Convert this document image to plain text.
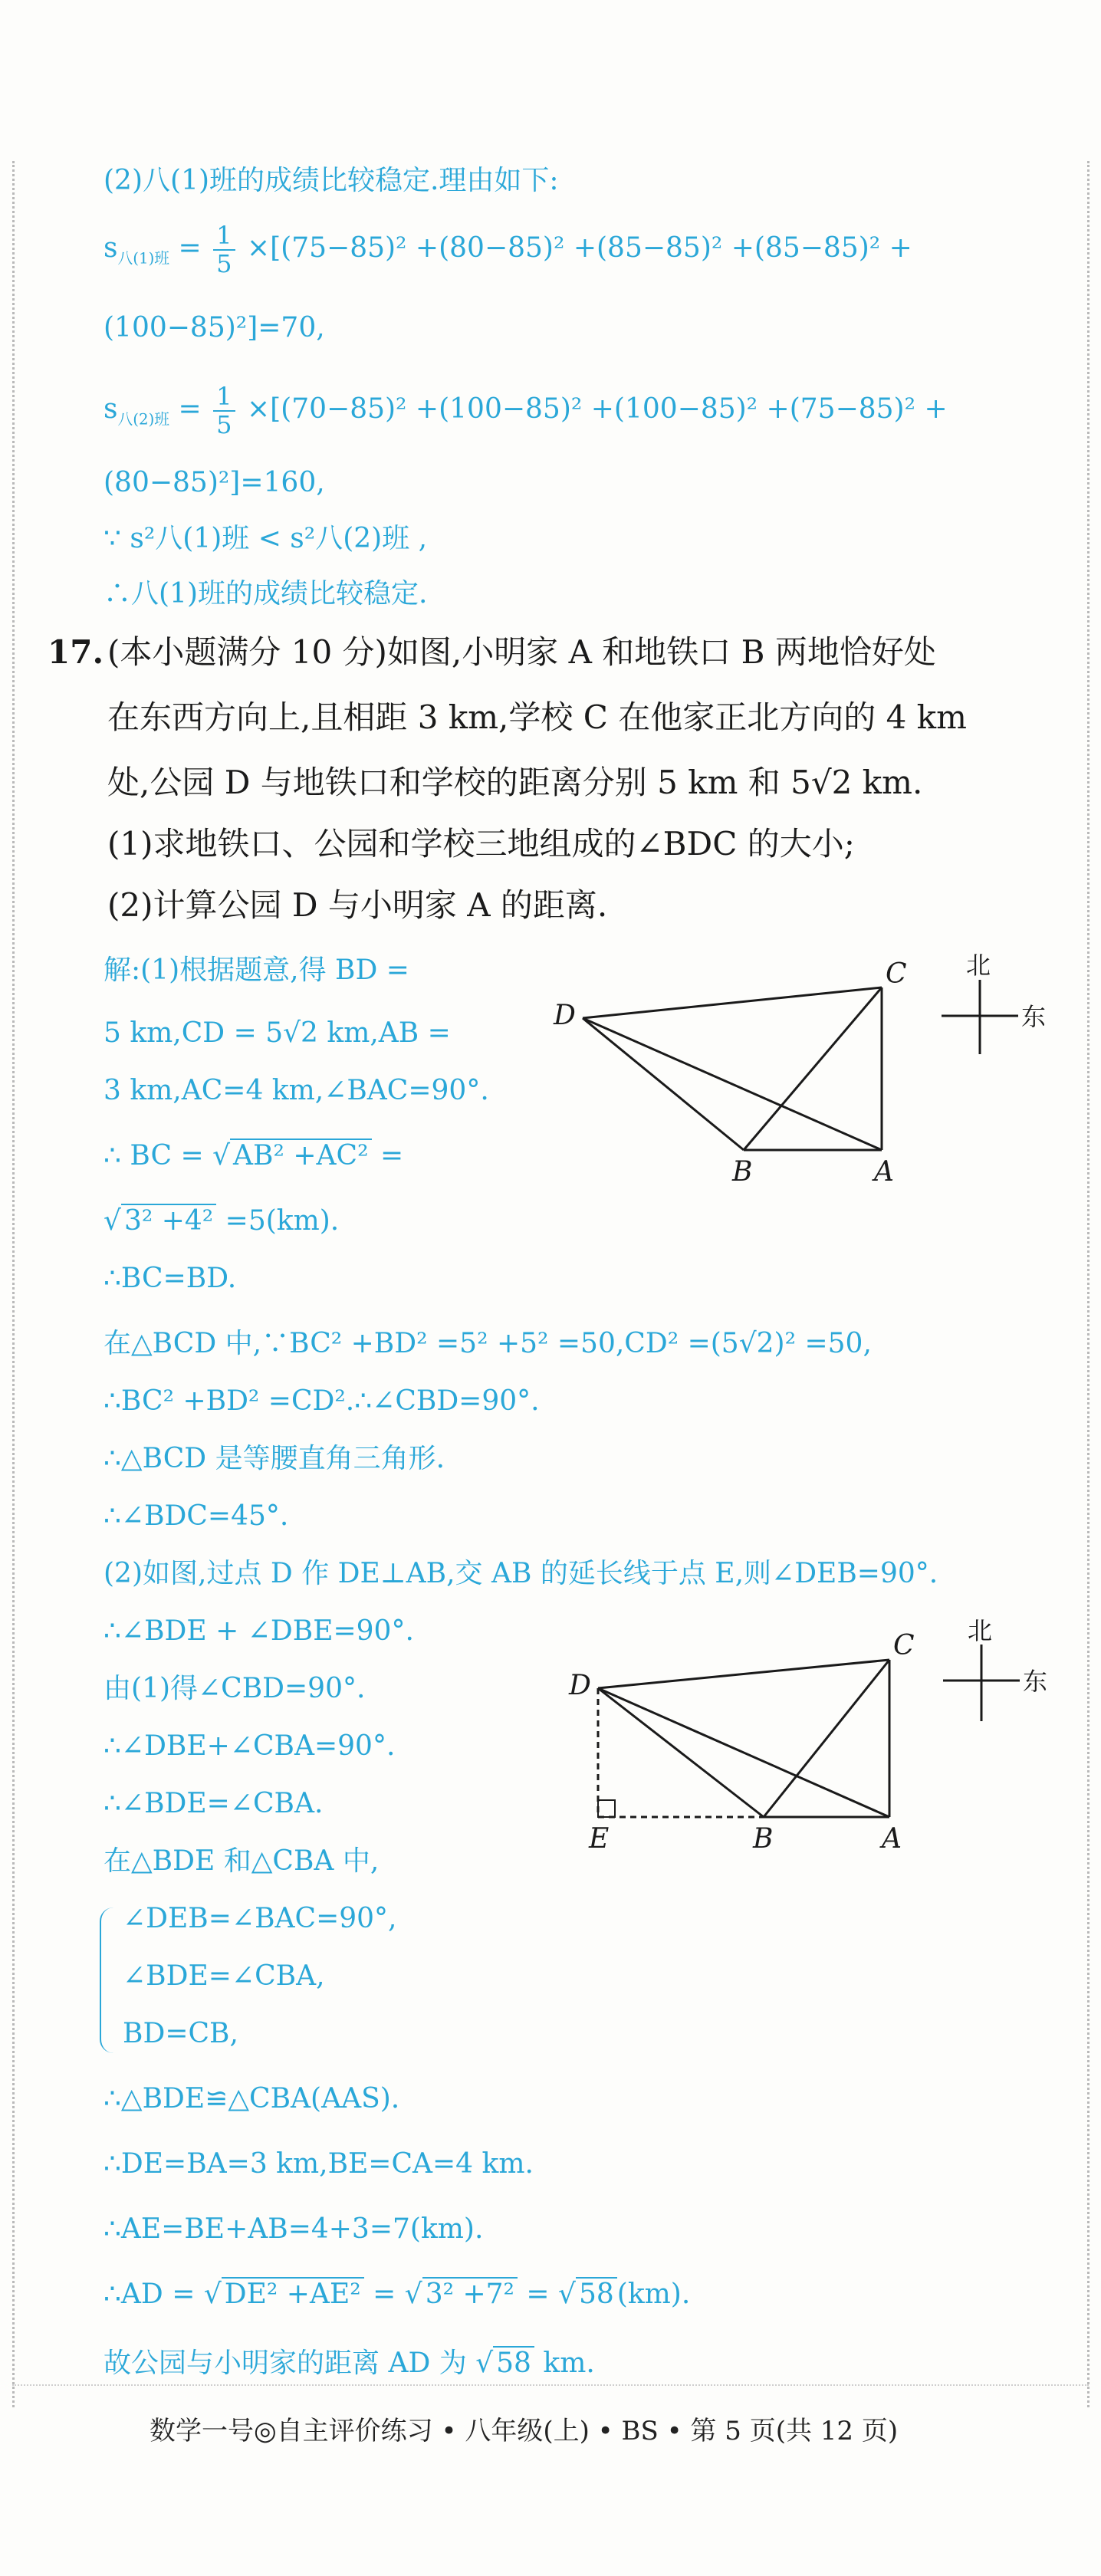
(2)八(1)班的成绩比较稳定.理由如下:
$s_{八(1)班} = \frac{1}{5} \times[(75-85)^2 +(80-85)^2 +(85-85)^2 +(85-85)^2$ +
(100−85)²]=70,
$s_{八(2)班} = \frac{1}{5} \times[(70-85)^2 +(100-85)^2 +(100-85)^2 +(75-85)^2$ +
(80−85)²]=160,
∵ s²八(1)班 < s²八(2)班 ,
∴八(1)班的成绩比较稳定.
17. (本小题满分 10 分)如图,小明家 A 和地铁口 B 两地恰好处
在东西方向上,且相距 3 km,学校 C 在他家正北方向的 4 km
处,公园 D 与地铁口和学校的距离分别 5 km 和 5√2 km.
(1)求地铁口、公园和学校三地组成的∠BDC 的大小;
(2)计算公园 D 与小明家 A 的距离.
解:(1)根据题意,得 BD =
5 km,CD = 5√2 km,AB =
3 km,AC=4 km,∠BAC=90°.
∴ BC = √ AB² +AC² =
√ 3² +4² =5(km).
∴BC=BD.
在△BCD 中,∵BC² +BD² =5² +5² =50,CD² =(5√2)² =50,
∴BC² +BD² =CD².∴∠CBD=90°.
∴△BCD 是等腰直角三角形.
∴∠BDC=45°.
(2)如图,过点 D 作 DE⊥AB,交 AB 的延长线于点 E,则∠DEB=90°.
∴∠BDE + ∠DBE=90°.
由(1)得∠CBD=90°.
∴∠DBE+∠CBA=90°.
∴∠BDE=∠CBA.
在△BDE 和△CBA 中,
∠DEB=∠BAC=90°,
∠BDE=∠CBA,
BD=CB,
∴△BDE≌△CBA(AAS).
∴DE=BA=3 km,BE=CA=4 km.
∴AE=BE+AB=4+3=7(km).
∴AD = √ DE² +AE² = √ 3² +7² = √ 58 (km).
故公园与小明家的距离 AD 为 √ 58 km.
C
D
B	A
北
东
C
D
B	A
E
北
东
数学一号◎自主评价练习 • 八年级(上) • BS • 第 5 页(共 12 页)
